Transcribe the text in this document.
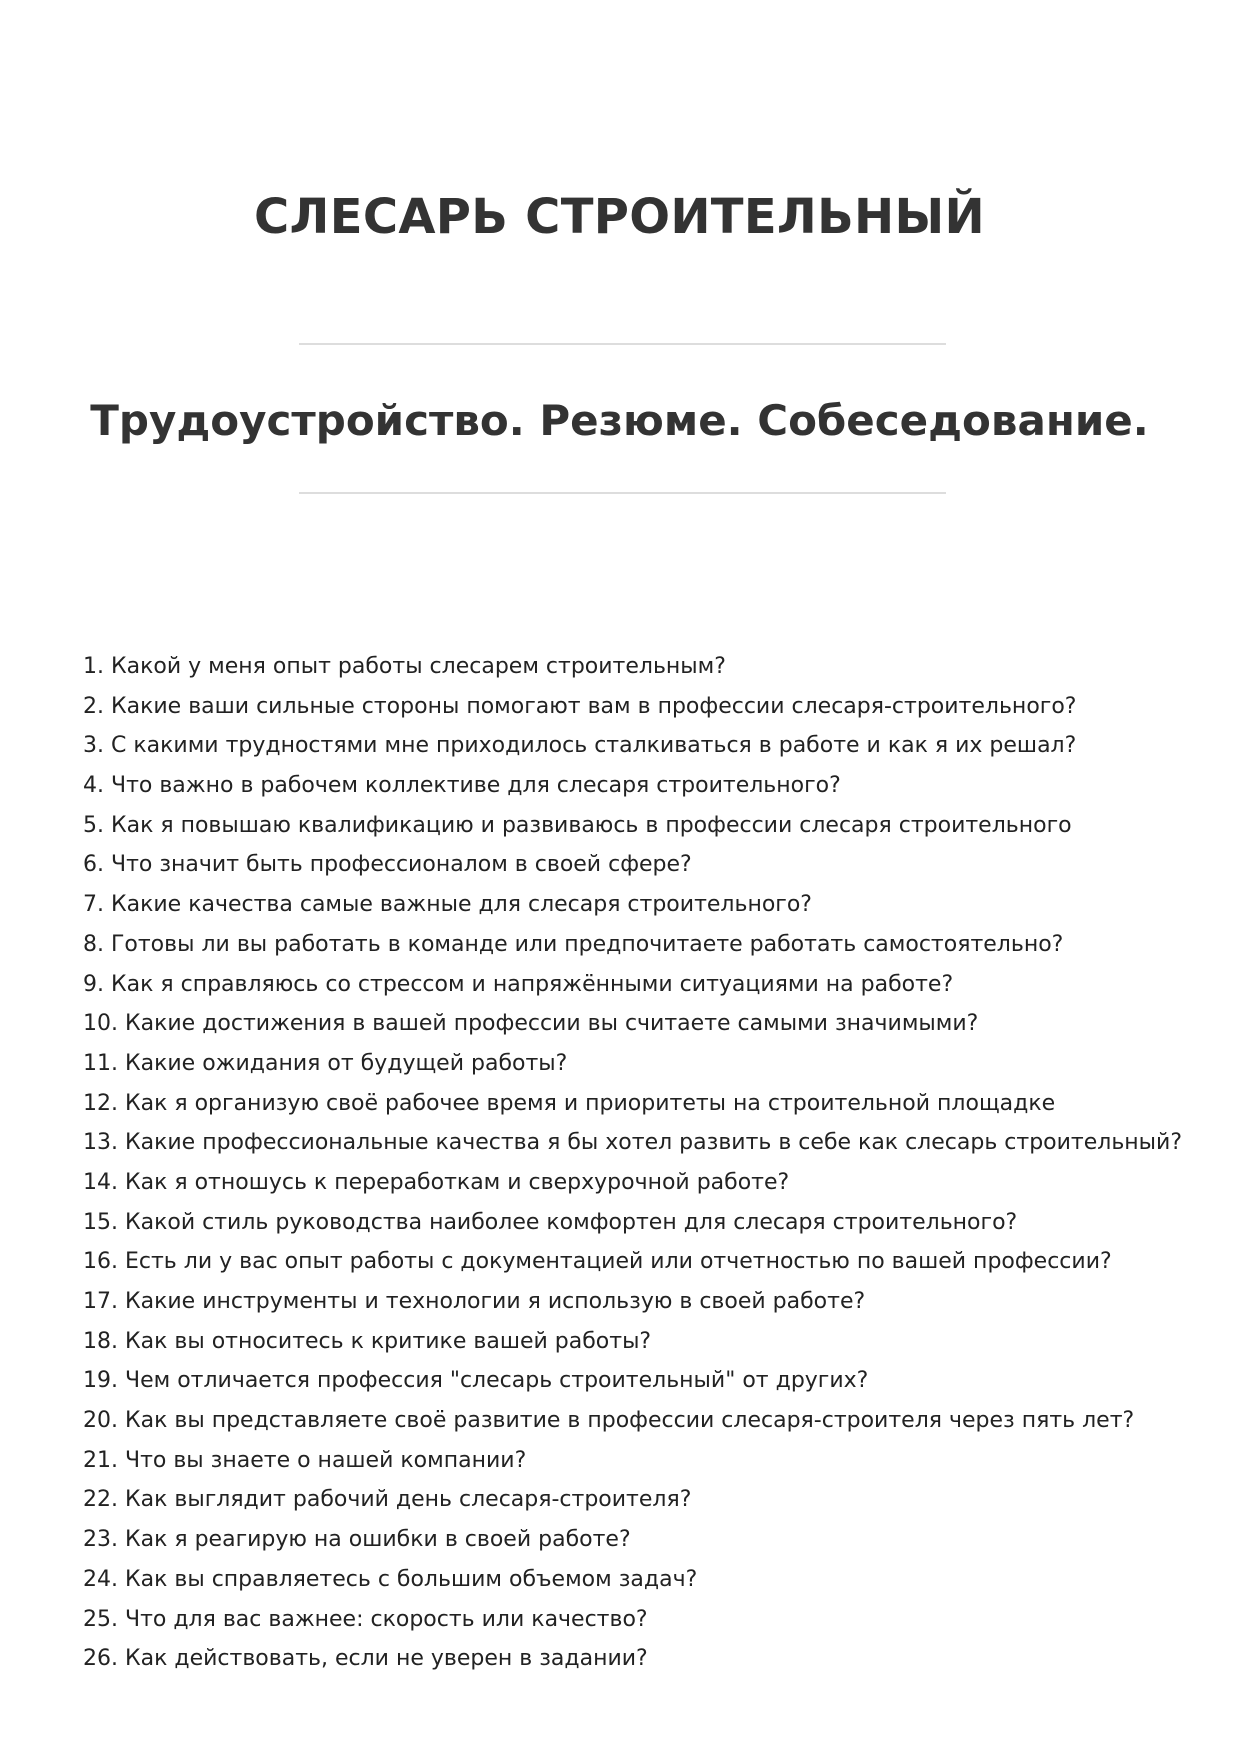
СЛЕСАРЬ СТРОИТЕЛЬНЫЙ
Трудоустройство. Резюме. Собеседование.
1. Какой у меня опыт работы слесарем строительным?
2. Какие ваши сильные стороны помогают вам в профессии слесаря-строительного?
3. С какими трудностями мне приходилось сталкиваться в работе и как я их решал?
4. Что важно в рабочем коллективе для слесаря строительного?
5. Как я повышаю квалификацию и развиваюсь в профессии слесаря строительного
6. Что значит быть профессионалом в своей сфере?
7. Какие качества самые важные для слесаря строительного?
8. Готовы ли вы работать в команде или предпочитаете работать самостоятельно?
9. Как я справляюсь со стрессом и напряжёнными ситуациями на работе?
10. Какие достижения в вашей профессии вы считаете самыми значимыми?
11. Какие ожидания от будущей работы?
12. Как я организую своё рабочее время и приоритеты на строительной площадке
13. Какие профессиональные качества я бы хотел развить в себе как слесарь строительный?
14. Как я отношусь к переработкам и сверхурочной работе?
15. Какой стиль руководства наиболее комфортен для слесаря строительного?
16. Есть ли у вас опыт работы с документацией или отчетностью по вашей профессии?
17. Какие инструменты и технологии я использую в своей работе?
18. Как вы относитесь к критике вашей работы?
19. Чем отличается профессия "слесарь строительный" от других?
20. Как вы представляете своё развитие в профессии слесаря-строителя через пять лет?
21. Что вы знаете о нашей компании?
22. Как выглядит рабочий день слесаря-строителя?
23. Как я реагирую на ошибки в своей работе?
24. Как вы справляетесь с большим объемом задач?
25. Что для вас важнее: скорость или качество?
26. Как действовать, если не уверен в задании?
